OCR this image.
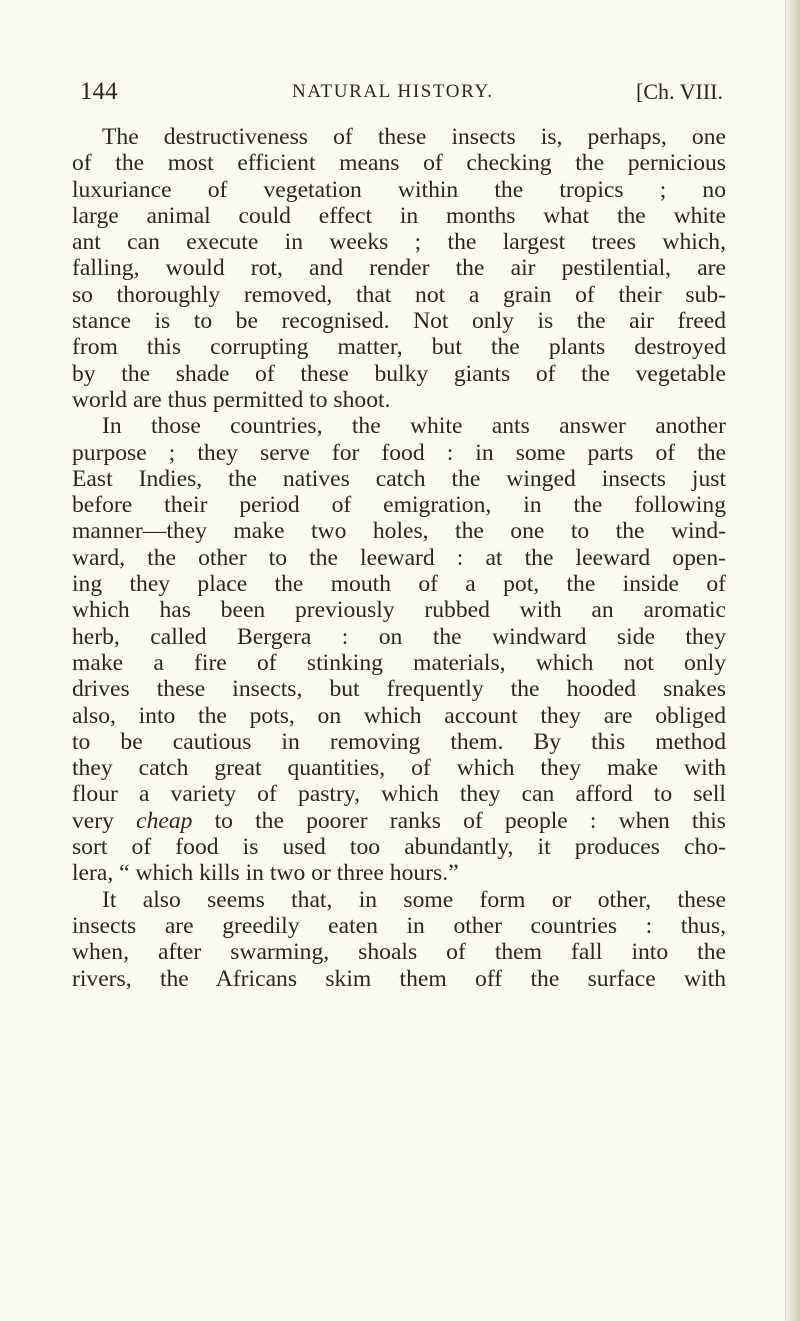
144	NATURAL HISTORY.	[Ch. VIII.
The destructiveness of these insects is, perhaps, one
of the most efficient means of checking the pernicious
luxuriance of vegetation within the tropics ; no
large animal could effect in months what the white
ant can execute in weeks ; the largest trees which,
falling, would rot, and render the air pestilential, are
so thoroughly removed, that not a grain of their sub-
stance is to be recognised. Not only is the air freed
from this corrupting matter, but the plants destroyed
by the shade of these bulky giants of the vegetable
world are thus permitted to shoot.
In those countries, the white ants answer another
purpose ; they serve for food : in some parts of the
East Indies, the natives catch the winged insects just
before their period of emigration, in the following
manner—they make two holes, the one to the wind-
ward, the other to the leeward : at the leeward open-
ing they place the mouth of a pot, the inside of
which has been previously rubbed with an aromatic
herb, called Bergera : on the windward side they
make a fire of stinking materials, which not only
drives these insects, but frequently the hooded snakes
also, into the pots, on which account they are obliged
to be cautious in removing them. By this method
they catch great quantities, of which they make with
flour a variety of pastry, which they can afford to sell
very cheap to the poorer ranks of people : when this
sort of food is used too abundantly, it produces cho-
lera, “ which kills in two or three hours.”
It also seems that, in some form or other, these
insects are greedily eaten in other countries : thus,
when, after swarming, shoals of them fall into the
rivers, the Africans skim them off the surface with
